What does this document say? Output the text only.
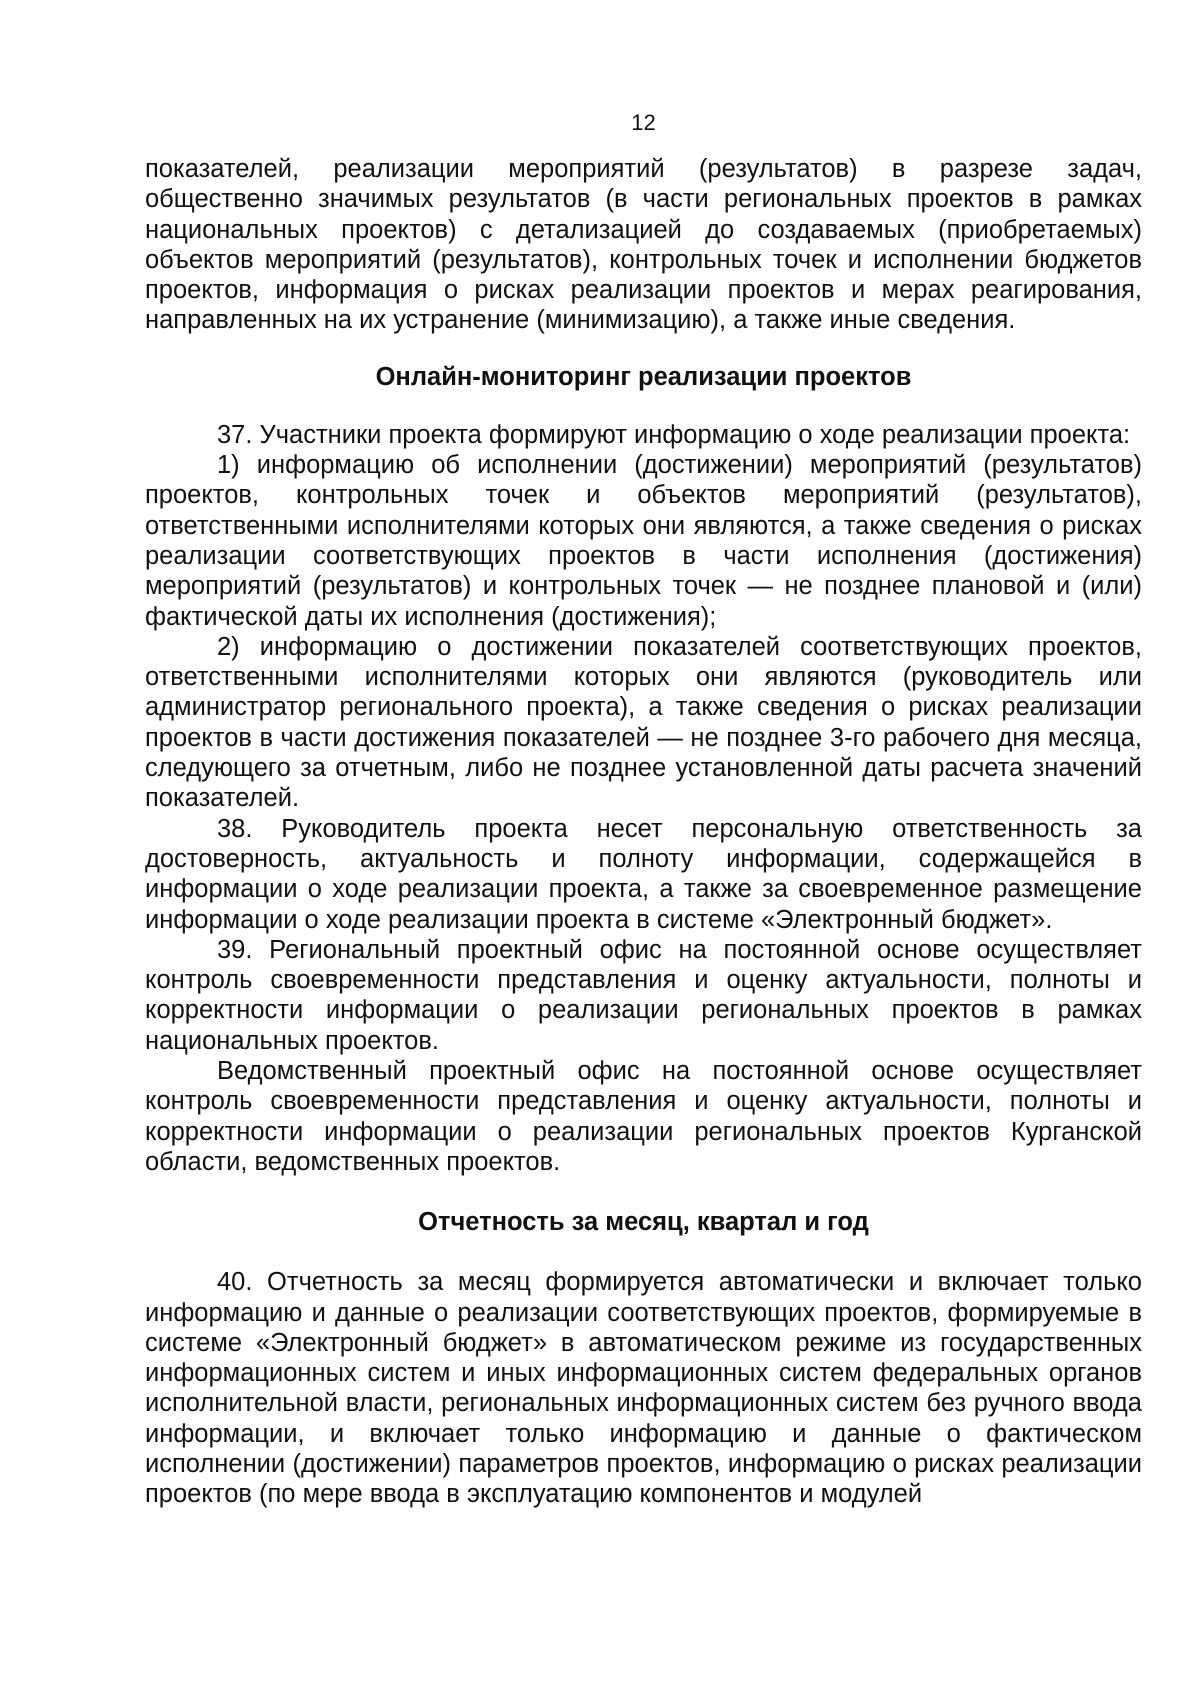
12

показателей, реализации мероприятий (результатов) в разрезе задач, общественно значимых результатов (в части региональных проектов в рамках национальных проектов) с детализацией до создаваемых (приобретаемых) объектов мероприятий (результатов), контрольных точек и исполнении бюджетов проектов, информация о рисках реализации проектов и мерах реагирования, направленных на их устранение (минимизацию), а также иные сведения.

Онлайн-мониторинг реализации проектов

37. Участники проекта формируют информацию о ходе реализации проекта:

1) информацию об исполнении (достижении) мероприятий (результатов) проектов, контрольных точек и объектов мероприятий (результатов), ответственными исполнителями которых они являются, а также сведения о рисках реализации соответствующих проектов в части исполнения (достижения) мероприятий (результатов) и контрольных точек — не позднее плановой и (или) фактической даты их исполнения (достижения);

2) информацию о достижении показателей соответствующих проектов, ответственными исполнителями которых они являются (руководитель или администратор регионального проекта), а также сведения о рисках реализации проектов в части достижения показателей — не позднее 3-го рабочего дня месяца, следующего за отчетным, либо не позднее установленной даты расчета значений показателей.

38. Руководитель проекта несет персональную ответственность за достоверность, актуальность и полноту информации, содержащейся в информации о ходе реализации проекта, а также за своевременное размещение информации о ходе реализации проекта в системе «Электронный бюджет».

39. Региональный проектный офис на постоянной основе осуществляет контроль своевременности представления и оценку актуальности, полноты и корректности информации о реализации региональных проектов в рамках национальных проектов.

Ведомственный проектный офис на постоянной основе осуществляет контроль своевременности представления и оценку актуальности, полноты и корректности информации о реализации региональных проектов Курганской области, ведомственных проектов.

Отчетность за месяц, квартал и год

40. Отчетность за месяц формируется автоматически и включает только информацию и данные о реализации соответствующих проектов, формируемые в системе «Электронный бюджет» в автоматическом режиме из государственных информационных систем и иных информационных систем федеральных органов исполнительной власти, региональных информационных систем без ручного ввода информации, и включает только информацию и данные о фактическом исполнении (достижении) параметров проектов, информацию о рисках реализации проектов (по мере ввода в эксплуатацию компонентов и модулей
